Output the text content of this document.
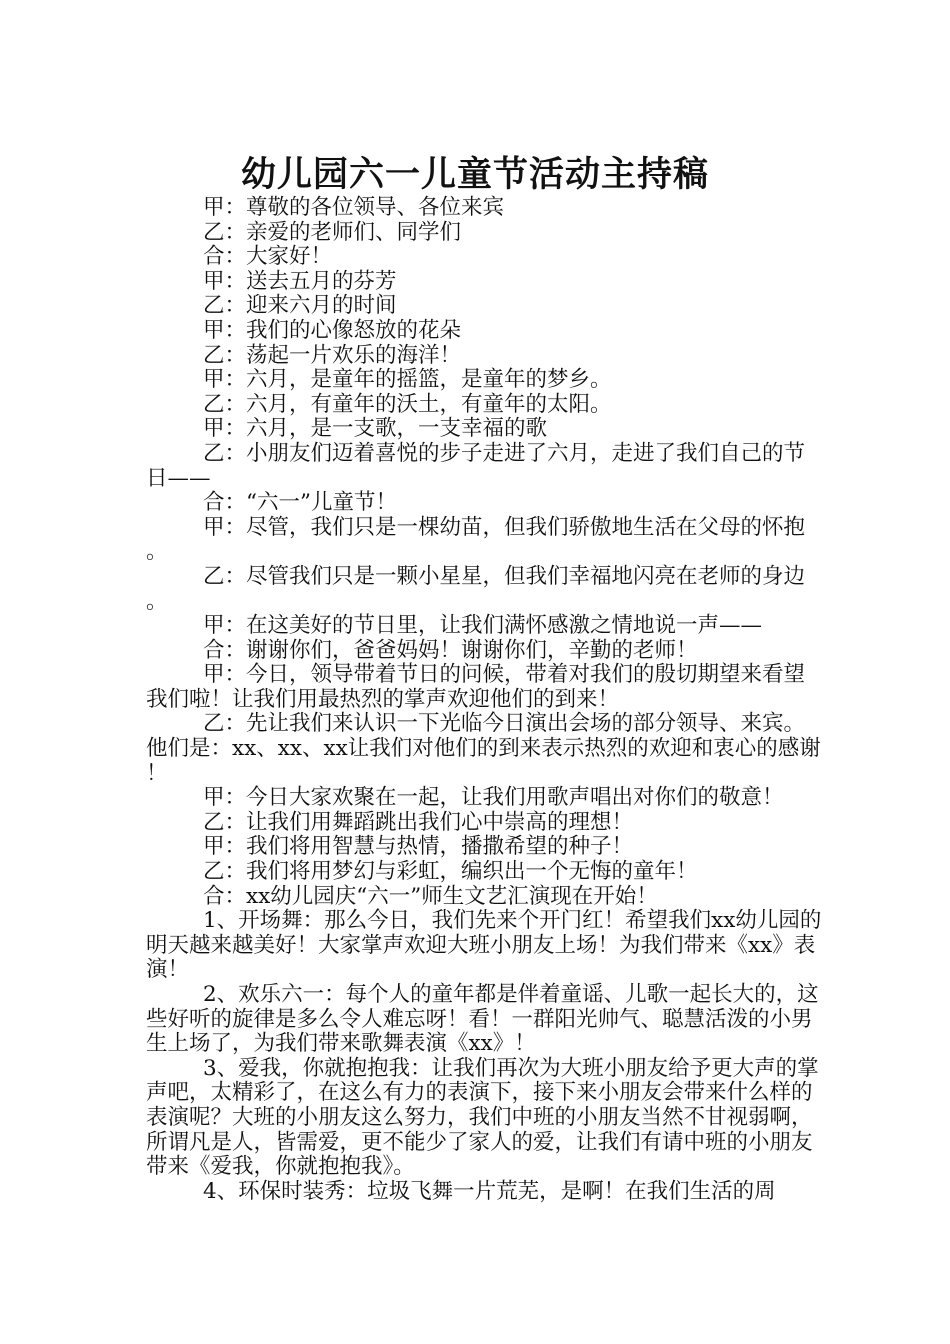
幼儿园六一儿童节活动主持稿

甲：尊敬的各位领导、各位来宾

乙：亲爱的老师们、同学们

合：大家好！

甲：送去五月的芬芳

乙：迎来六月的时间

甲：我们的心像怒放的花朵

乙：荡起一片欢乐的海洋！

甲：六月，是童年的摇篮，是童年的梦乡。

乙：六月，有童年的沃土，有童年的太阳。

甲：六月，是一支歌，一支幸福的歌

乙：小朋友们迈着喜悦的步子走进了六月，走进了我们自己的节日——

合：“六一”儿童节！

甲：尽管，我们只是一棵幼苗，但我们骄傲地生活在父母的怀抱。

乙：尽管我们只是一颗小星星，但我们幸福地闪亮在老师的身边。

甲：在这美好的节日里，让我们满怀感激之情地说一声——

合：谢谢你们，爸爸妈妈！谢谢你们，辛勤的老师！

甲：今日，领导带着节日的问候，带着对我们的殷切期望来看望我们啦！让我们用最热烈的掌声欢迎他们的到来！

乙：先让我们来认识一下光临今日演出会场的部分领导、来宾。他们是：xx、xx、xx让我们对他们的到来表示热烈的欢迎和衷心的感谢！

甲：今日大家欢聚在一起，让我们用歌声唱出对你们的敬意！

乙：让我们用舞蹈跳出我们心中崇高的理想！

甲：我们将用智慧与热情，播撒希望的种子！

乙：我们将用梦幻与彩虹，编织出一个无悔的童年！

合：xx幼儿园庆“六一”师生文艺汇演现在开始！

1、开场舞：那么今日，我们先来个开门红！希望我们xx幼儿园的明天越来越美好！大家掌声欢迎大班小朋友上场！为我们带来《xx》表演！

2、欢乐六一：每个人的童年都是伴着童谣、儿歌一起长大的，这些好听的旋律是多么令人难忘呀！看！一群阳光帅气、聪慧活泼的小男生上场了，为我们带来歌舞表演《xx》！

3、爱我，你就抱抱我：让我们再次为大班小朋友给予更大声的掌声吧，太精彩了，在这么有力的表演下，接下来小朋友会带来什么样的表演呢？大班的小朋友这么努力，我们中班的小朋友当然不甘视弱啊，所谓凡是人，皆需爱，更不能少了家人的爱，让我们有请中班的小朋友带来《爱我，你就抱抱我》。

4、环保时装秀：垃圾飞舞一片荒芜，是啊！在我们生活的周
